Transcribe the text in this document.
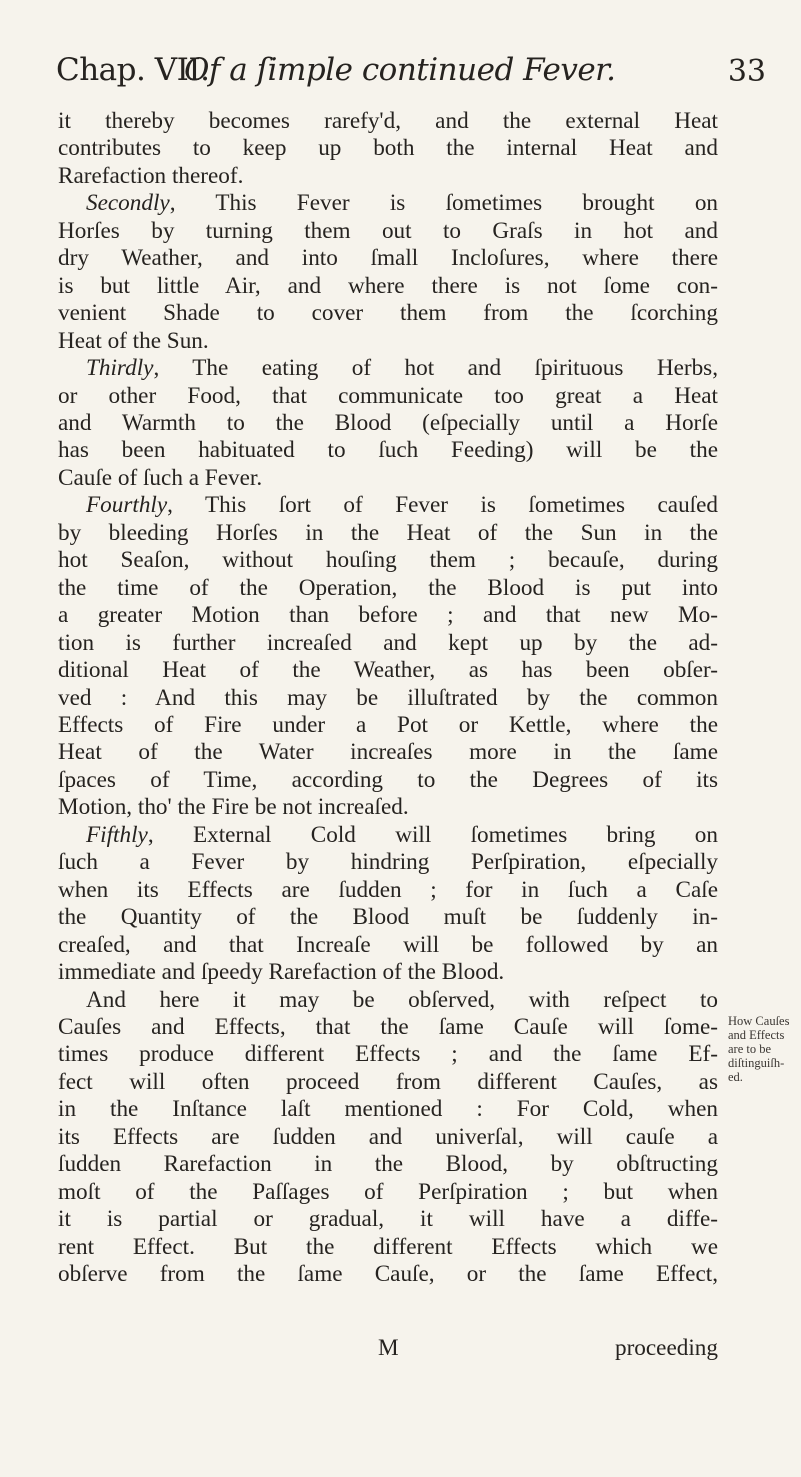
Chap. VII.
Of a ſimple continued Fever.	33
it thereby becomes rarefy'd, and the external Heat
contributes to keep up both the internal Heat and
Rarefaction thereof.
Secondly, This Fever is ſometimes brought on
Horſes by turning them out to Graſs in hot and
dry Weather, and into ſmall Incloſures, where there
is but little Air, and where there is not ſome con-
venient Shade to cover them from the ſcorching
Heat of the Sun.
Thirdly, The eating of hot and ſpirituous Herbs,
or other Food, that communicate too great a Heat
and Warmth to the Blood (eſpecially until a Horſe
has been habituated to ſuch Feeding) will be the
Cauſe of ſuch a Fever.
Fourthly, This ſort of Fever is ſometimes cauſed
by bleeding Horſes in the Heat of the Sun in the
hot Seaſon, without houſing them ; becauſe, during
the time of the Operation, the Blood is put into
a greater Motion than before ; and that new Mo-
tion is further increaſed and kept up by the ad-
ditional Heat of the Weather, as has been obſer-
ved : And this may be illuſtrated by the common
Effects of Fire under a Pot or Kettle, where the
Heat of the Water increaſes more in the ſame
ſpaces of Time, according to the Degrees of its
Motion, tho' the Fire be not increaſed.
Fifthly, External Cold will ſometimes bring on
ſuch a Fever by hindring Perſpiration, eſpecially
when its Effects are ſudden ; for in ſuch a Caſe
the Quantity of the Blood muſt be ſuddenly in-
creaſed, and that Increaſe will be followed by an
immediate and ſpeedy Rarefaction of the Blood.
And here it may be obſerved, with reſpect to
Cauſes and Effects, that the ſame Cauſe will ſome-
times produce different Effects ; and the ſame Ef-
fect will often proceed from different Cauſes, as
in the Inſtance laſt mentioned : For Cold, when
its Effects are ſudden and univerſal, will cauſe a
ſudden Rarefaction in the Blood, by obſtructing
moſt of the Paſſages of Perſpiration ; but when
it is partial or gradual, it will have a diffe-
rent Effect. But the different Effects which we
obſerve from the ſame Cauſe, or the ſame Effect,
M	proceeding
How Cauſes
and Effects
are to be
diſtinguiſh-
ed.
